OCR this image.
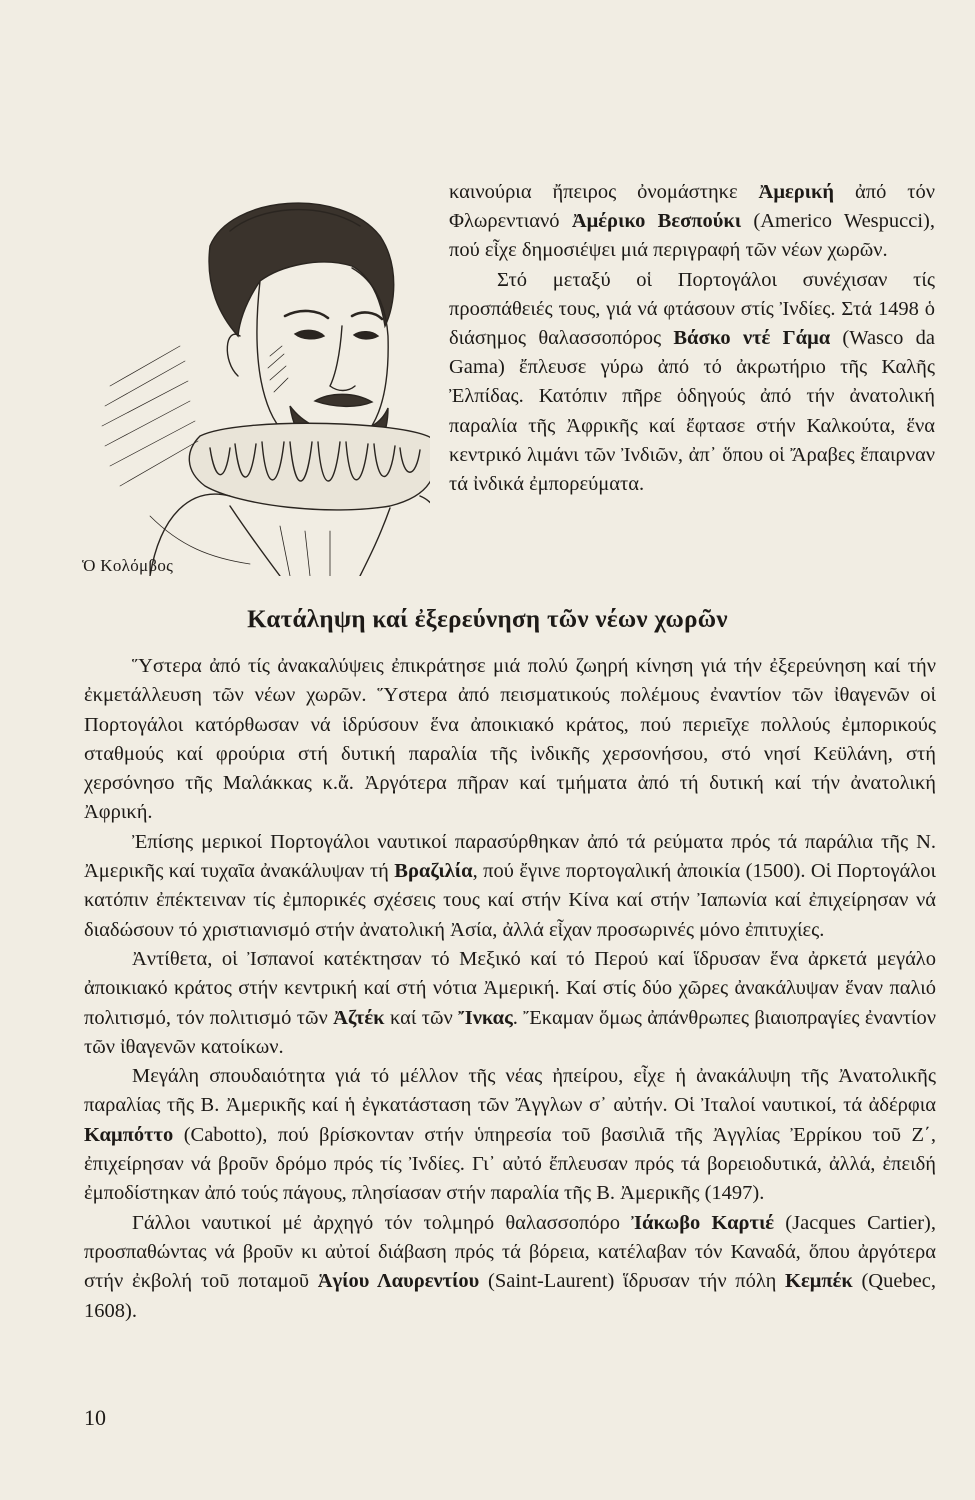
Ὁ Κολόμβος

καινούρια ἤπειρος ὀνομάστηκε Ἀμερική ἀπό τόν Φλωρεντιανό Ἀμέρικο Βεσπούκι (Americo Wespucci), πού εἶχε δημοσιέψει μιά περιγραφή τῶν νέων χωρῶν.

Στό μεταξύ οἱ Πορτογάλοι συνέχισαν τίς προσπάθειές τους, γιά νά φτάσουν στίς Ἰνδίες. Στά 1498 ὁ διάσημος θαλασσοπόρος Βάσκο ντέ Γάμα (Wasco da Gama) ἔπλευσε γύρω ἀπό τό ἀκρωτήριο τῆς Καλῆς Ἐλπίδας. Κατόπιν πῆρε ὁδηγούς ἀπό τήν ἀνατολική παραλία τῆς Ἀφρικῆς καί ἔφτασε στήν Καλκούτα, ἕνα κεντρικό λιμάνι τῶν Ἰνδιῶν, ἀπ᾿ ὅπου οἱ Ἄραβες ἔπαιρναν τά ἰνδικά ἐμπορεύματα.

Κατάληψη καί ἐξερεύνηση τῶν νέων χωρῶν

Ὕστερα ἀπό τίς ἀνακαλύψεις ἐπικράτησε μιά πολύ ζωηρή κίνηση γιά τήν ἐξερεύνηση καί τήν ἐκμετάλλευση τῶν νέων χωρῶν. Ὕστερα ἀπό πεισματικούς πολέμους ἐναντίον τῶν ἰθαγενῶν οἱ Πορτογάλοι κατόρθωσαν νά ἱδρύσουν ἕνα ἀποικιακό κράτος, πού περιεῖχε πολλούς ἐμπορικούς σταθμούς καί φρούρια στή δυτική παραλία τῆς ἰνδικῆς χερσονήσου, στό νησί Κεϋλάνη, στή χερσόνησο τῆς Μαλάκκας κ.ἄ. Ἀργότερα πῆραν καί τμήματα ἀπό τή δυτική καί τήν ἀνατολική Ἀφρική.

Ἐπίσης μερικοί Πορτογάλοι ναυτικοί παρασύρθηκαν ἀπό τά ρεύματα πρός τά παράλια τῆς Ν. Ἀμερικῆς καί τυχαῖα ἀνακάλυψαν τή Βραζιλία, πού ἔγινε πορτογαλική ἀποικία (1500). Οἱ Πορτογάλοι κατόπιν ἐπέκτειναν τίς ἐμπορικές σχέσεις τους καί στήν Κίνα καί στήν Ἰαπωνία καί ἐπιχείρησαν νά διαδώσουν τό χριστιανισμό στήν ἀνατολική Ἀσία, ἀλλά εἶχαν προσωρινές μόνο ἐπιτυχίες.

Ἀντίθετα, οἱ Ἰσπανοί κατέκτησαν τό Μεξικό καί τό Περού καί ἵδρυσαν ἕνα ἀρκετά μεγάλο ἀποικιακό κράτος στήν κεντρική καί στή νότια Ἀμερική. Καί στίς δύο χῶρες ἀνακάλυψαν ἕναν παλιό πολιτισμό, τόν πολιτισμό τῶν Ἀζτέκ καί τῶν Ἴνκας. Ἔκαμαν ὅμως ἀπάνθρωπες βιαιοπραγίες ἐναντίον τῶν ἰθαγενῶν κατοίκων.

Μεγάλη σπουδαιότητα γιά τό μέλλον τῆς νέας ἠπείρου, εἶχε ἡ ἀνακάλυψη τῆς Ἀνατολικῆς παραλίας τῆς Β. Ἀμερικῆς καί ἡ ἐγκατάσταση τῶν Ἄγγλων σ᾿ αὐτήν. Οἱ Ἰταλοί ναυτικοί, τά ἀδέρφια Καμπόττο (Cabotto), πού βρίσκονταν στήν ὑπηρεσία τοῦ βασιλιᾶ τῆς Ἀγγλίας Ἐρρίκου τοῦ Ζ΄, ἐπιχείρησαν νά βροῦν δρόμο πρός τίς Ἰνδίες. Γι᾿ αὐτό ἔπλευσαν πρός τά βορειοδυτικά, ἀλλά, ἐπειδή ἐμποδίστηκαν ἀπό τούς πάγους, πλησίασαν στήν παραλία τῆς Β. Ἀμερικῆς (1497).

Γάλλοι ναυτικοί μέ ἀρχηγό τόν τολμηρό θαλασσοπόρο Ἰάκωβο Καρτιέ (Jacques Cartier), προσπαθώντας νά βροῦν κι αὐτοί διάβαση πρός τά βόρεια, κατέλαβαν τόν Καναδά, ὅπου ἀργότερα στήν ἐκβολή τοῦ ποταμοῦ Ἁγίου Λαυρεντίου (Saint-Laurent) ἵδρυσαν τήν πόλη Κεμπέκ (Quebec, 1608).

10
